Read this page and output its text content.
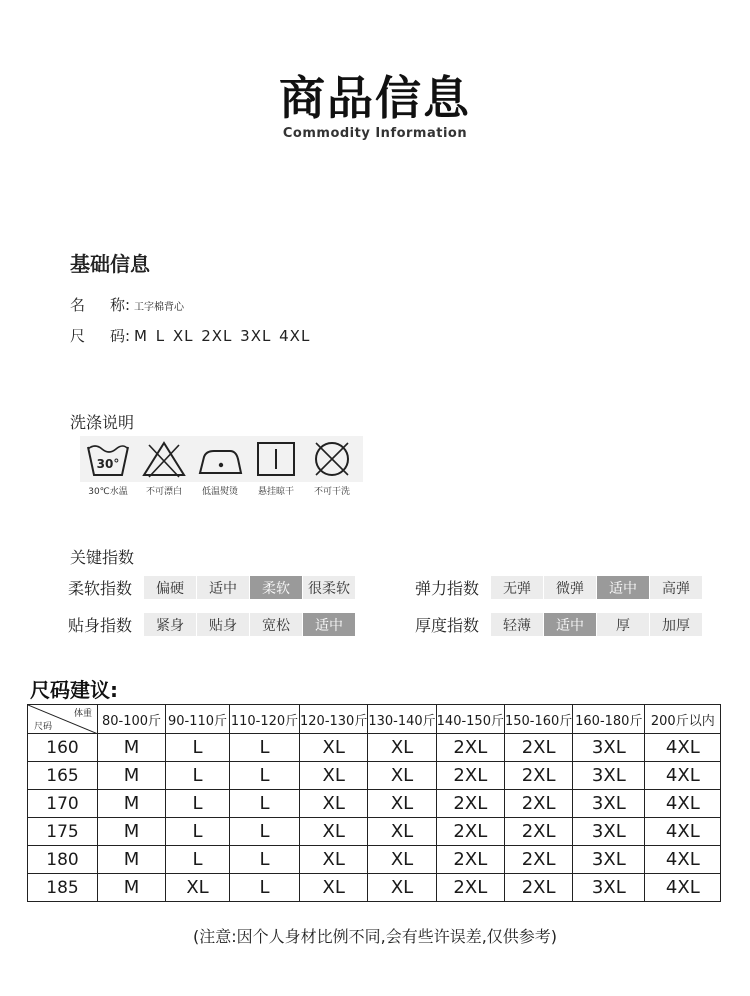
商品信息
Commodity Information
基础信息
名	称: 工字棉背心
尺	码: M L XL 2XL 3XL 4XL
洗涤说明
30°
30℃水温	不可漂白	低温熨烫	悬挂晾干	不可干洗
关键指数
柔软指数	偏硬	适中	柔软	很柔软	弹力指数	无弹	微弹	适中	高弹
贴身指数	紧身	贴身	宽松	适中	厚度指数	轻薄	适中	厚	加厚
尺码建议:
体重
尺码	80-100斤	90-110斤	110-120斤	120-130斤	130-140斤	140-150斤	150-160斤	160-180斤	200斤以内
160	M	L	L	XL	XL	2XL	2XL	3XL	4XL
165	M	L	L	XL	XL	2XL	2XL	3XL	4XL
170	M	L	L	XL	XL	2XL	2XL	3XL	4XL
175	M	L	L	XL	XL	2XL	2XL	3XL	4XL
180	M	L	L	XL	XL	2XL	2XL	3XL	4XL
185	M	XL	L	XL	XL	2XL	2XL	3XL	4XL
(注意:因个人身材比例不同,会有些许误差,仅供参考)
